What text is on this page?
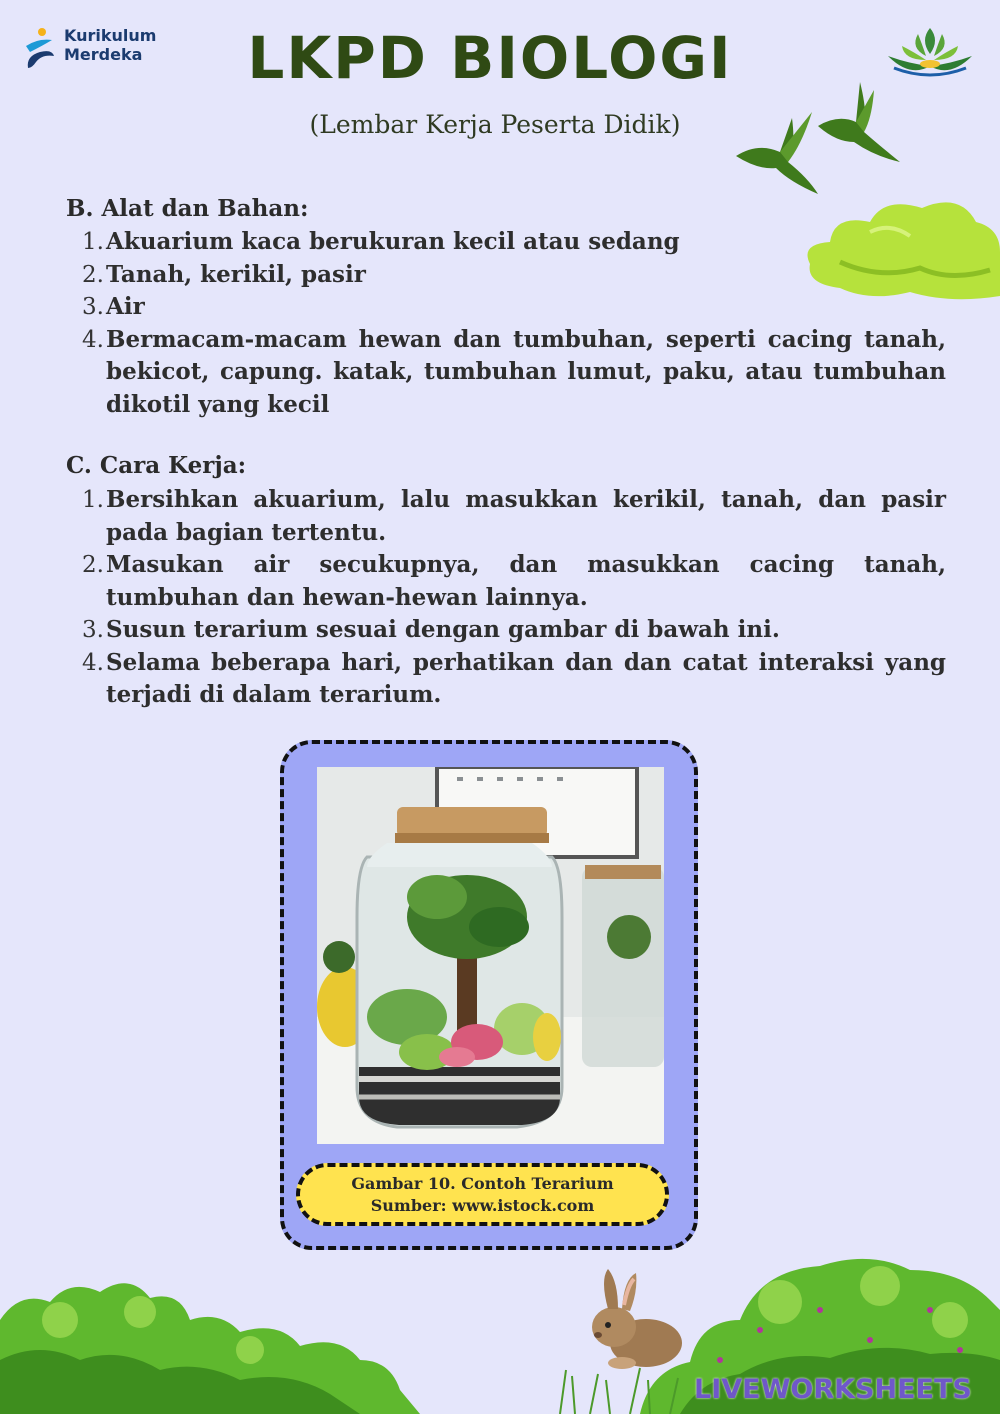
Kurikulum
Merdeka	LKPD BIOLOGI
(Lembar Kerja Peserta Didik)
B. Alat dan Bahan:
1. Akuarium kaca berukuran kecil atau sedang
2. Tanah, kerikil, pasir
3. Air
4. Bermacam-macam hewan dan tumbuhan, seperti cacing tanah, bekicot, capung. katak, tumbuhan lumut, paku, atau tumbuhan dikotil yang kecil
C. Cara Kerja:
1. Bersihkan akuarium, lalu masukkan kerikil, tanah, dan pasir pada bagian tertentu.
2. Masukan air secukupnya, dan masukkan cacing tanah, tumbuhan dan hewan-hewan lainnya.
3. Susun terarium sesuai dengan gambar di bawah ini.
4. Selama beberapa hari, perhatikan dan dan catat interaksi yang terjadi di dalam terarium.
Gambar 10. Contoh Terarium
Sumber: www.istock.com
LIVEWORKSHEETS
